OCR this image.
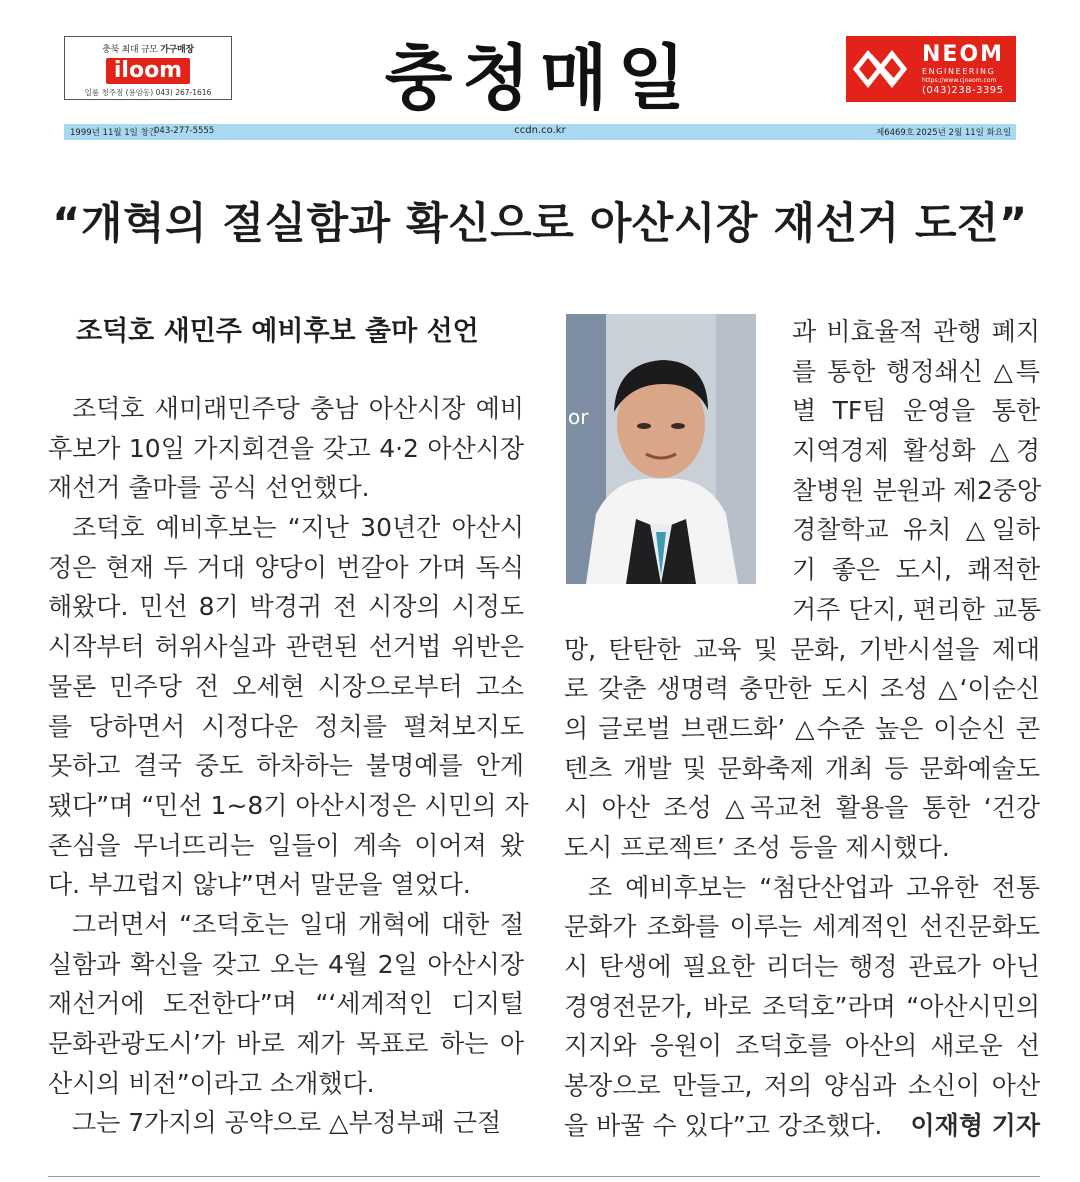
충북 최대 규모 가구매장
iloom
일룸 청주점 (용암동) 043) 267-1616	충청매일	NEOM
ENGINEERING
https://www.cjneom.com
(043)238-3395
1999년 11월 1일 창간
043-277-5555	ccdn.co.kr	제6469호 2025년 2월 11일 화요일
“개혁의 절실함과 확신으로 아산시장 재선거 도전”
조덕호 새민주 예비후보 출마 선언
조덕호 새미래민주당 충남 아산시장 예비
후보가 10일 가지회견을 갖고 4·2 아산시장
재선거 출마를 공식 선언했다.
조덕호 예비후보는 “지난 30년간 아산시
정은 현재 두 거대 양당이 번갈아 가며 독식
해왔다. 민선 8기 박경귀 전 시장의 시정도
시작부터 허위사실과 관련된 선거법 위반은
물론 민주당 전 오세현 시장으로부터 고소
를 당하면서 시정다운 정치를 펼쳐보지도
못하고 결국 중도 하차하는 불명예를 안게
됐다”며 “민선 1~8기 아산시정은 시민의 자
존심을 무너뜨리는 일들이 계속 이어져 왔
다. 부끄럽지 않냐”면서 말문을 열었다.
그러면서 “조덕호는 일대 개혁에 대한 절
실함과 확신을 갖고 오는 4월 2일 아산시장
재선거에 도전한다”며 “‘세계적인 디지털
문화관광도시’가 바로 제가 목표로 하는 아
산시의 비전”이라고 소개했다.
그는 7가지의 공약으로 △부정부패 근절
or
과 비효율적 관행 폐지
를 통한 행정쇄신 △특
별 TF팀 운영을 통한
지역경제 활성화 △경
찰병원 분원과 제2중앙
경찰학교 유치 △일하
기 좋은 도시, 쾌적한
거주 단지, 편리한 교통
망, 탄탄한 교육 및 문화, 기반시설을 제대
로 갖춘 생명력 충만한 도시 조성 △‘이순신
의 글로벌 브랜드화’ △수준 높은 이순신 콘
텐츠 개발 및 문화축제 개최 등 문화예술도
시 아산 조성 △곡교천 활용을 통한 ‘건강
도시 프로젝트’ 조성 등을 제시했다.
조 예비후보는 “첨단산업과 고유한 전통
문화가 조화를 이루는 세계적인 선진문화도
시 탄생에 필요한 리더는 행정 관료가 아닌
경영전문가, 바로 조덕호”라며 “아산시민의
지지와 응원이 조덕호를 아산의 새로운 선
봉장으로 만들고, 저의 양심과 소신이 아산
을 바꿀 수 있다”고 강조했다. 이재형 기자
